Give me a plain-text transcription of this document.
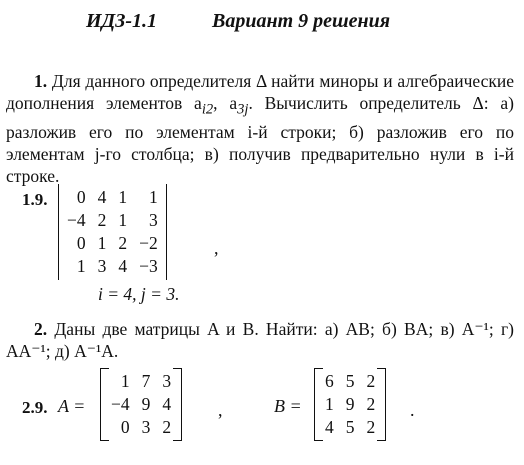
ИДЗ-1.1	Вариант 9 решения

1. Для данного определителя Δ найти миноры и алгебраические дополнения элементов $a_{i2}$, $a_{3j}$. Вычислить определитель Δ: а) разложив его по элементам i-й строки; б) разложив его по элементам j-го столбца; в) получив предварительно нули в i-й строке.

1.9. 0	4	1	1
−4	2	1	3
0	1	2	−2
1	3	4	−3
,
i = 4, j = 3.

2. Даны две матрицы A и B. Найти: а) AB; б) BA; в) A⁻¹; г) AA⁻¹; д) A⁻¹A.

2.9. A =
1	7	3
−4	9	4
0	3	2
,	B =
6	5	2
1	9	2
4	5	2
.
